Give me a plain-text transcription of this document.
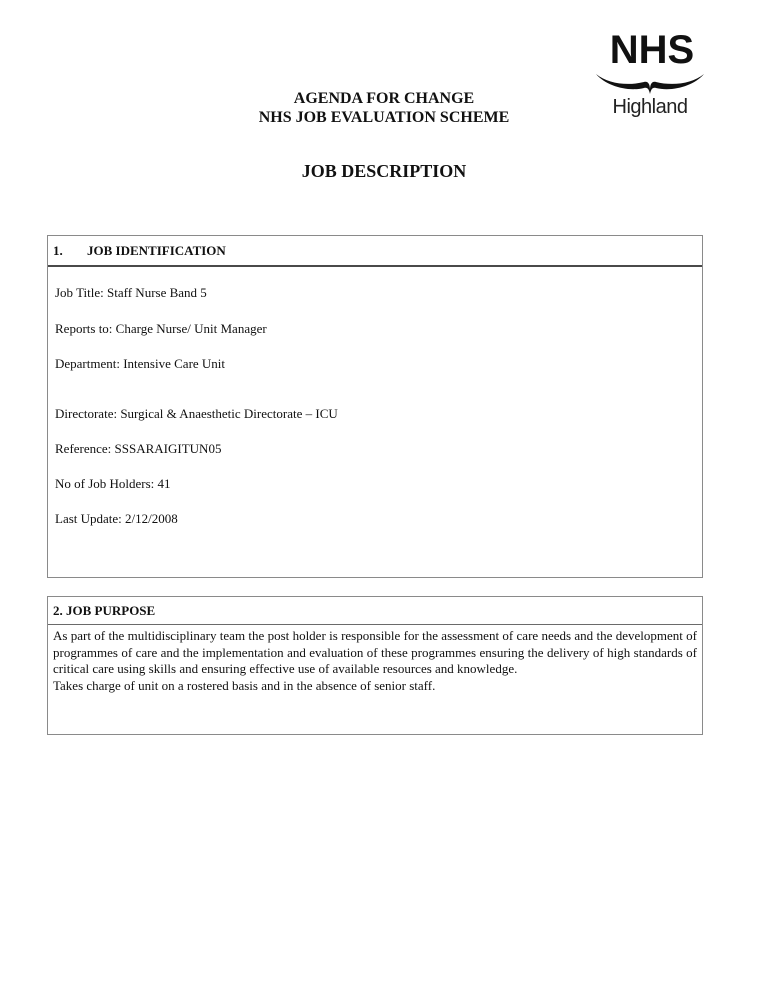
AGENDA FOR CHANGE
NHS JOB EVALUATION SCHEME
JOB DESCRIPTION
NHS
Highland
1. JOB IDENTIFICATION
Job Title: Staff Nurse Band 5
Reports to: Charge Nurse/ Unit Manager
Department: Intensive Care Unit
Directorate: Surgical & Anaesthetic Directorate – ICU
Reference: SSSARAIGITUN05
No of Job Holders: 41
Last Update: 2/12/2008
2. JOB PURPOSE

As part of the multidisciplinary team the post holder is responsible for the assessment of care needs and the development of programmes of care and the implementation and evaluation of these programmes ensuring the delivery of high standards of critical care using skills and ensuring effective use of available resources and knowledge.

Takes charge of unit on a rostered basis and in the absence of senior staff.
